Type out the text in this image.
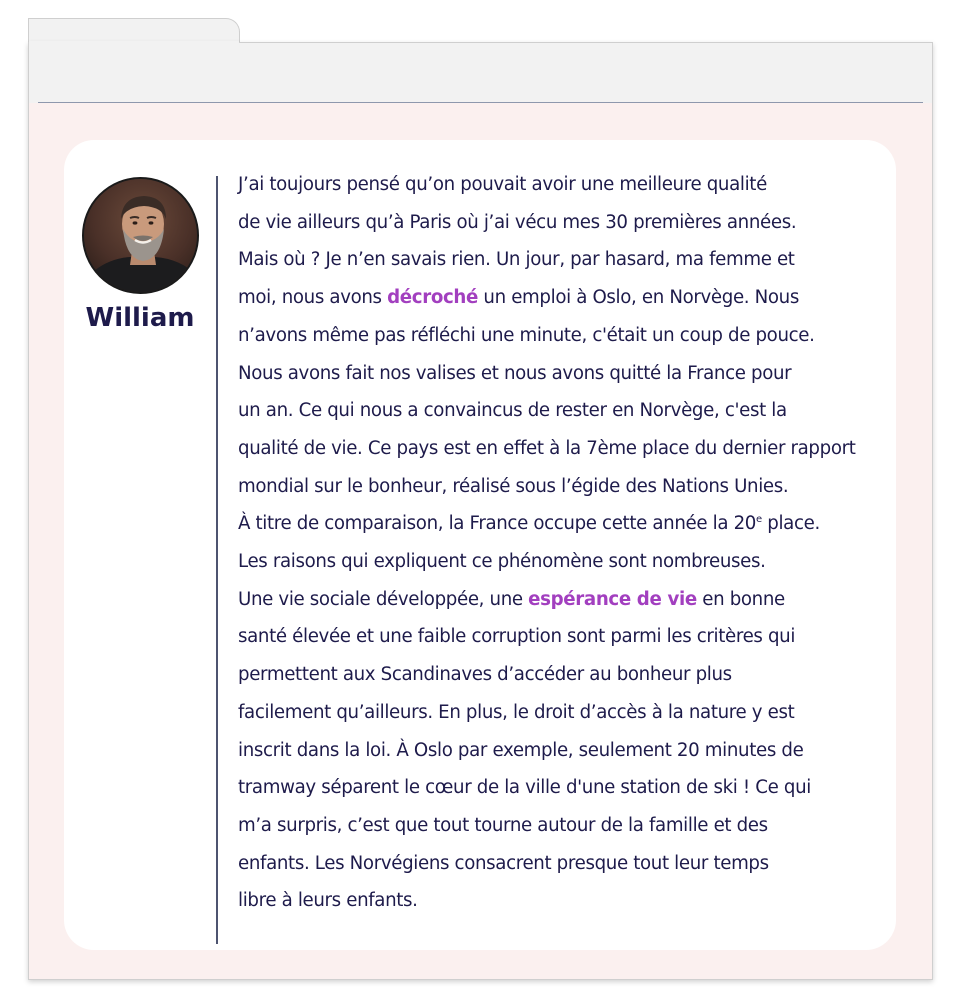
William

J’ai toujours pensé qu’on pouvait avoir une meilleure qualité
de vie ailleurs qu’à Paris où j’ai vécu mes 30 premières années.
Mais où ? Je n’en savais rien. Un jour, par hasard, ma femme et
moi, nous avons décroché un emploi à Oslo, en Norvège. Nous
n’avons même pas réfléchi une minute, c'était un coup de pouce.
Nous avons fait nos valises et nous avons quitté la France pour
un an. Ce qui nous a convaincus de rester en Norvège, c'est la
qualité de vie. Ce pays est en effet à la 7ème place du dernier rapport
mondial sur le bonheur, réalisé sous l’égide des Nations Unies.
À titre de comparaison, la France occupe cette année la 20e place.
Les raisons qui expliquent ce phénomène sont nombreuses.
Une vie sociale développée, une espérance de vie en bonne
santé élevée et une faible corruption sont parmi les critères qui
permettent aux Scandinaves d’accéder au bonheur plus
facilement qu’ailleurs. En plus, le droit d’accès à la nature y est
inscrit dans la loi. À Oslo par exemple, seulement 20 minutes de
tramway séparent le cœur de la ville d'une station de ski ! Ce qui
m’a surpris, c’est que tout tourne autour de la famille et des
enfants. Les Norvégiens consacrent presque tout leur temps
libre à leurs enfants.
